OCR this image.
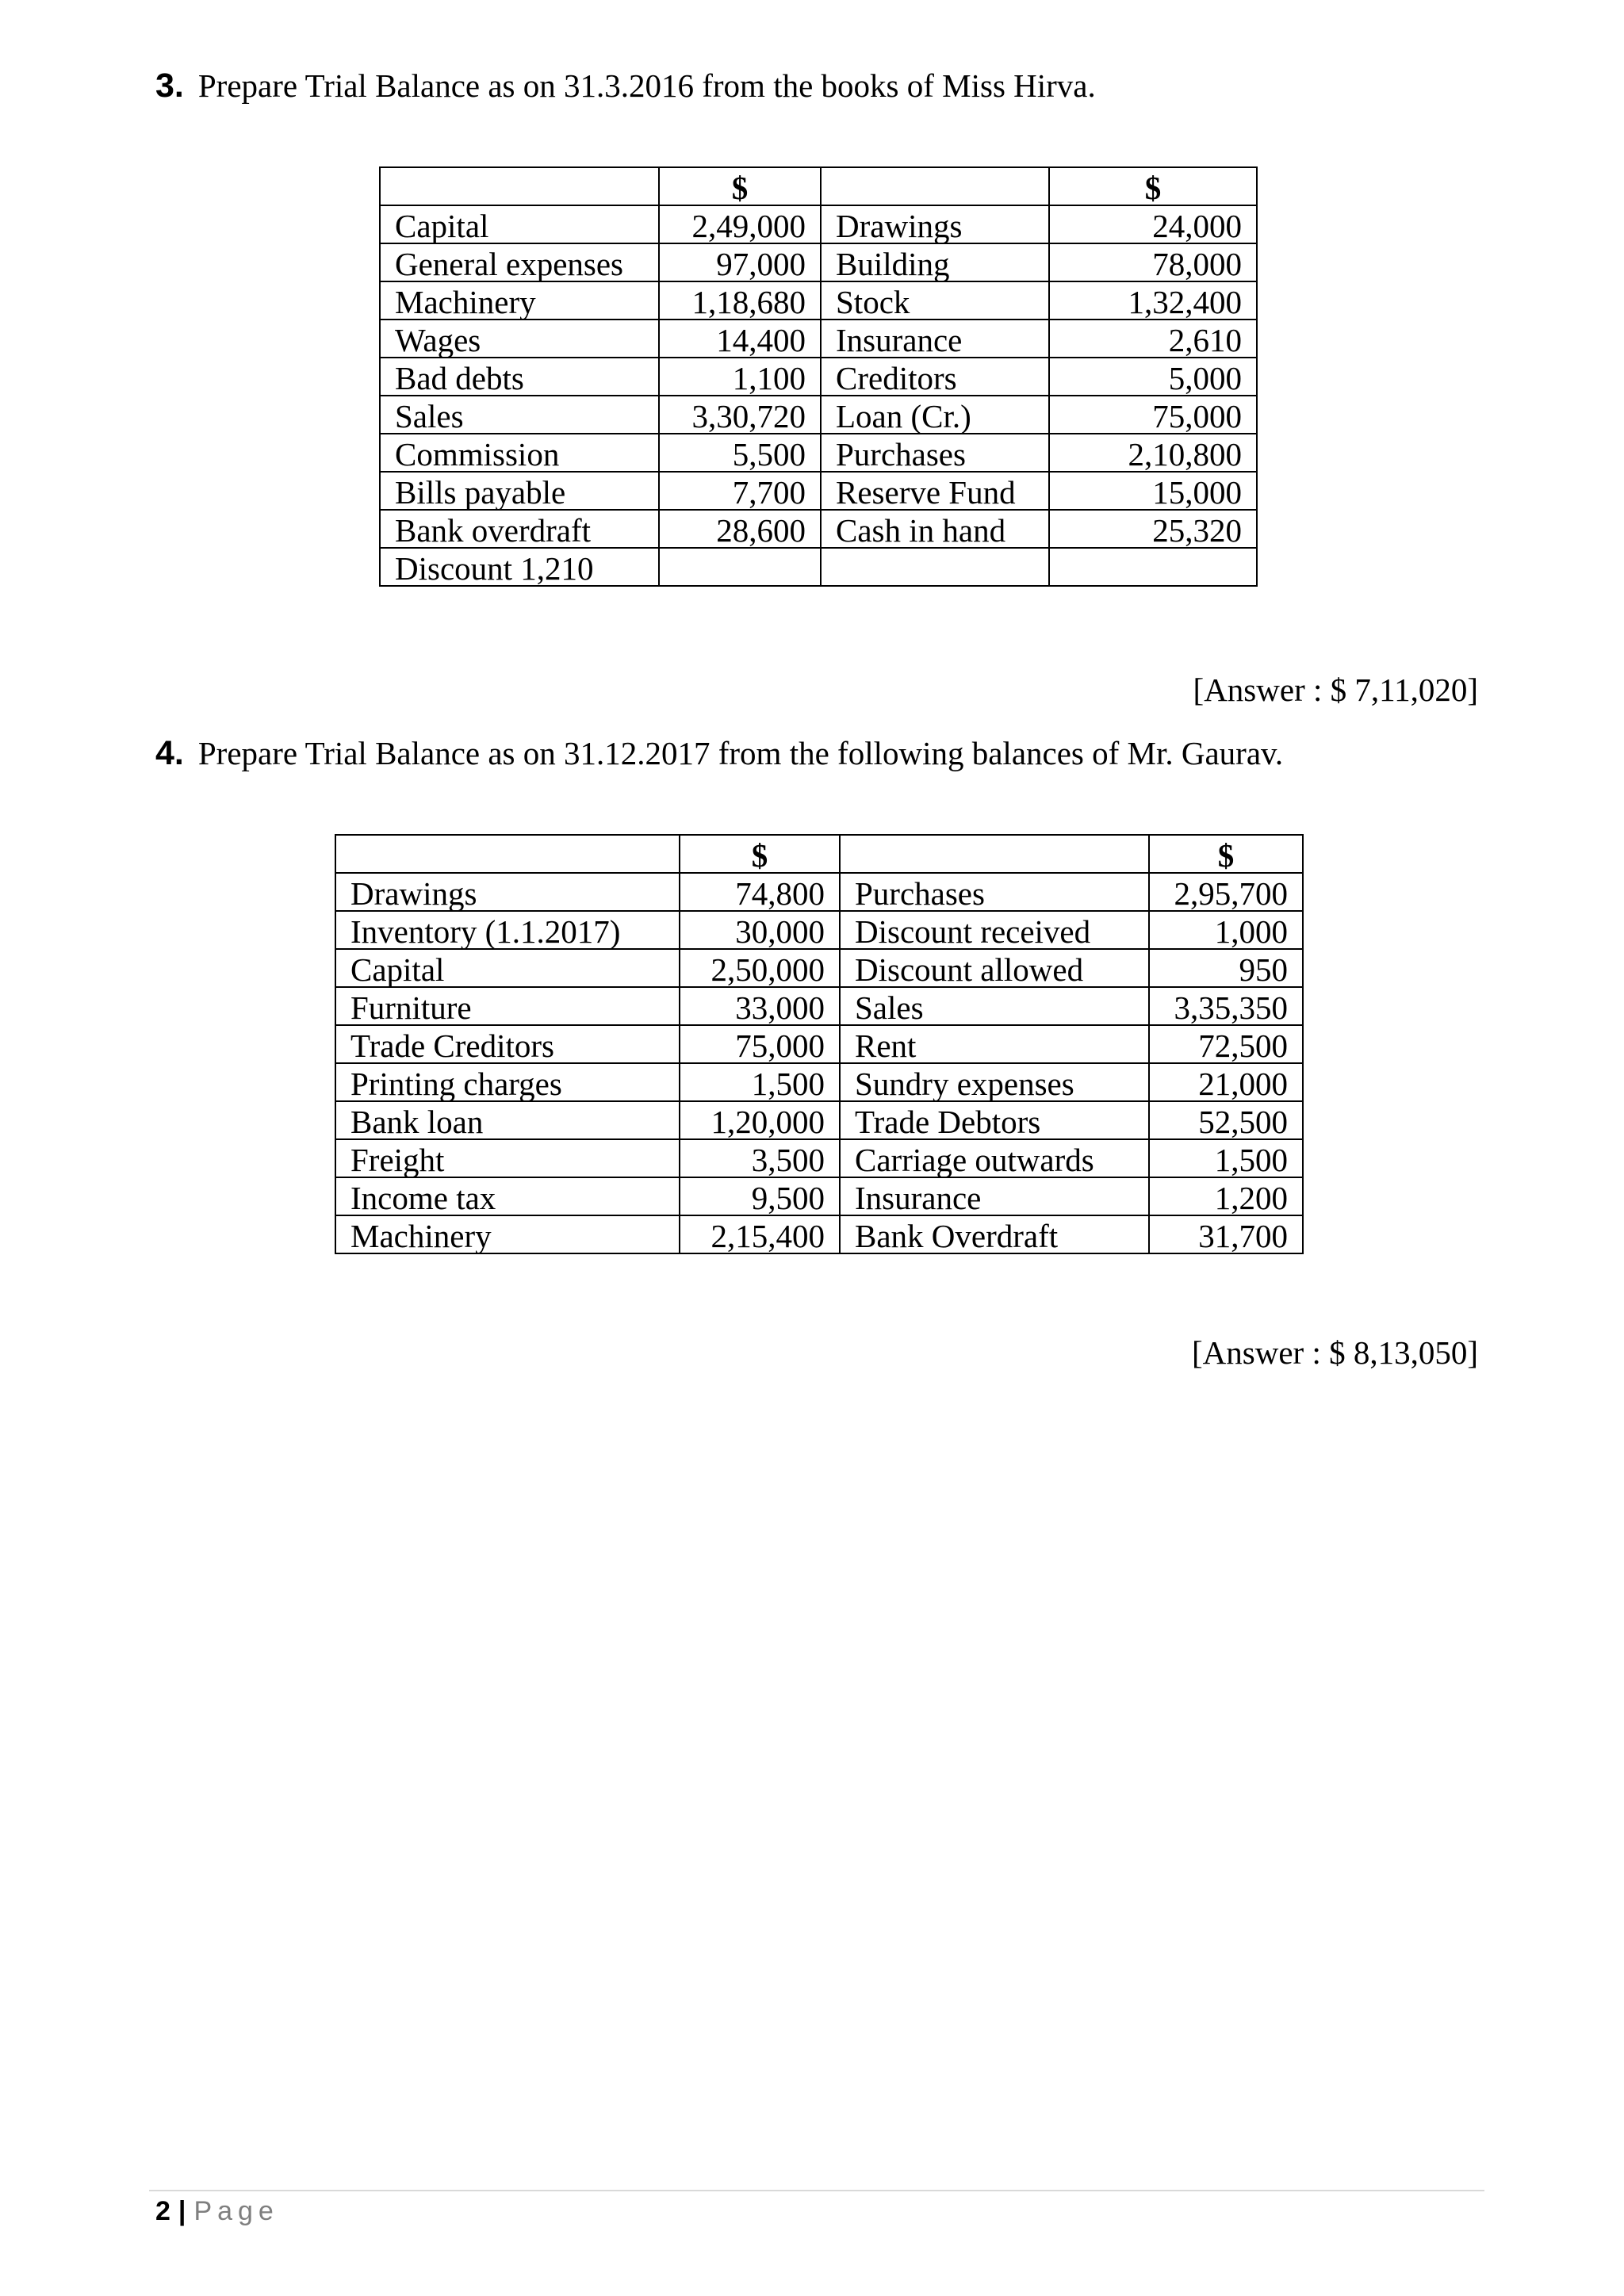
3. Prepare Trial Balance as on 31.3.2016 from the books of Miss Hirva.
	$		$
Capital	2,49,000	Drawings	24,000
General expenses	97,000	Building	78,000
Machinery	1,18,680	Stock	1,32,400
Wages	14,400	Insurance	2,610
Bad debts	1,100	Creditors	5,000
Sales	3,30,720	Loan (Cr.)	75,000
Commission	5,500	Purchases	2,10,800
Bills payable	7,700	Reserve Fund	15,000
Bank overdraft	28,600	Cash in hand	25,320
Discount 1,210			
[Answer : $ 7,11,020]
4. Prepare Trial Balance as on 31.12.2017 from the following balances of Mr. Gaurav.
	$		$
Drawings	74,800	Purchases	2,95,700
Inventory (1.1.2017)	30,000	Discount received	1,000
Capital	2,50,000	Discount allowed	950
Furniture	33,000	Sales	3,35,350
Trade Creditors	75,000	Rent	72,500
Printing charges	1,500	Sundry expenses	21,000
Bank loan	1,20,000	Trade Debtors	52,500
Freight	3,500	Carriage outwards	1,500
Income tax	9,500	Insurance	1,200
Machinery	2,15,400	Bank Overdraft	31,700
[Answer : $ 8,13,050]
2 | Page
